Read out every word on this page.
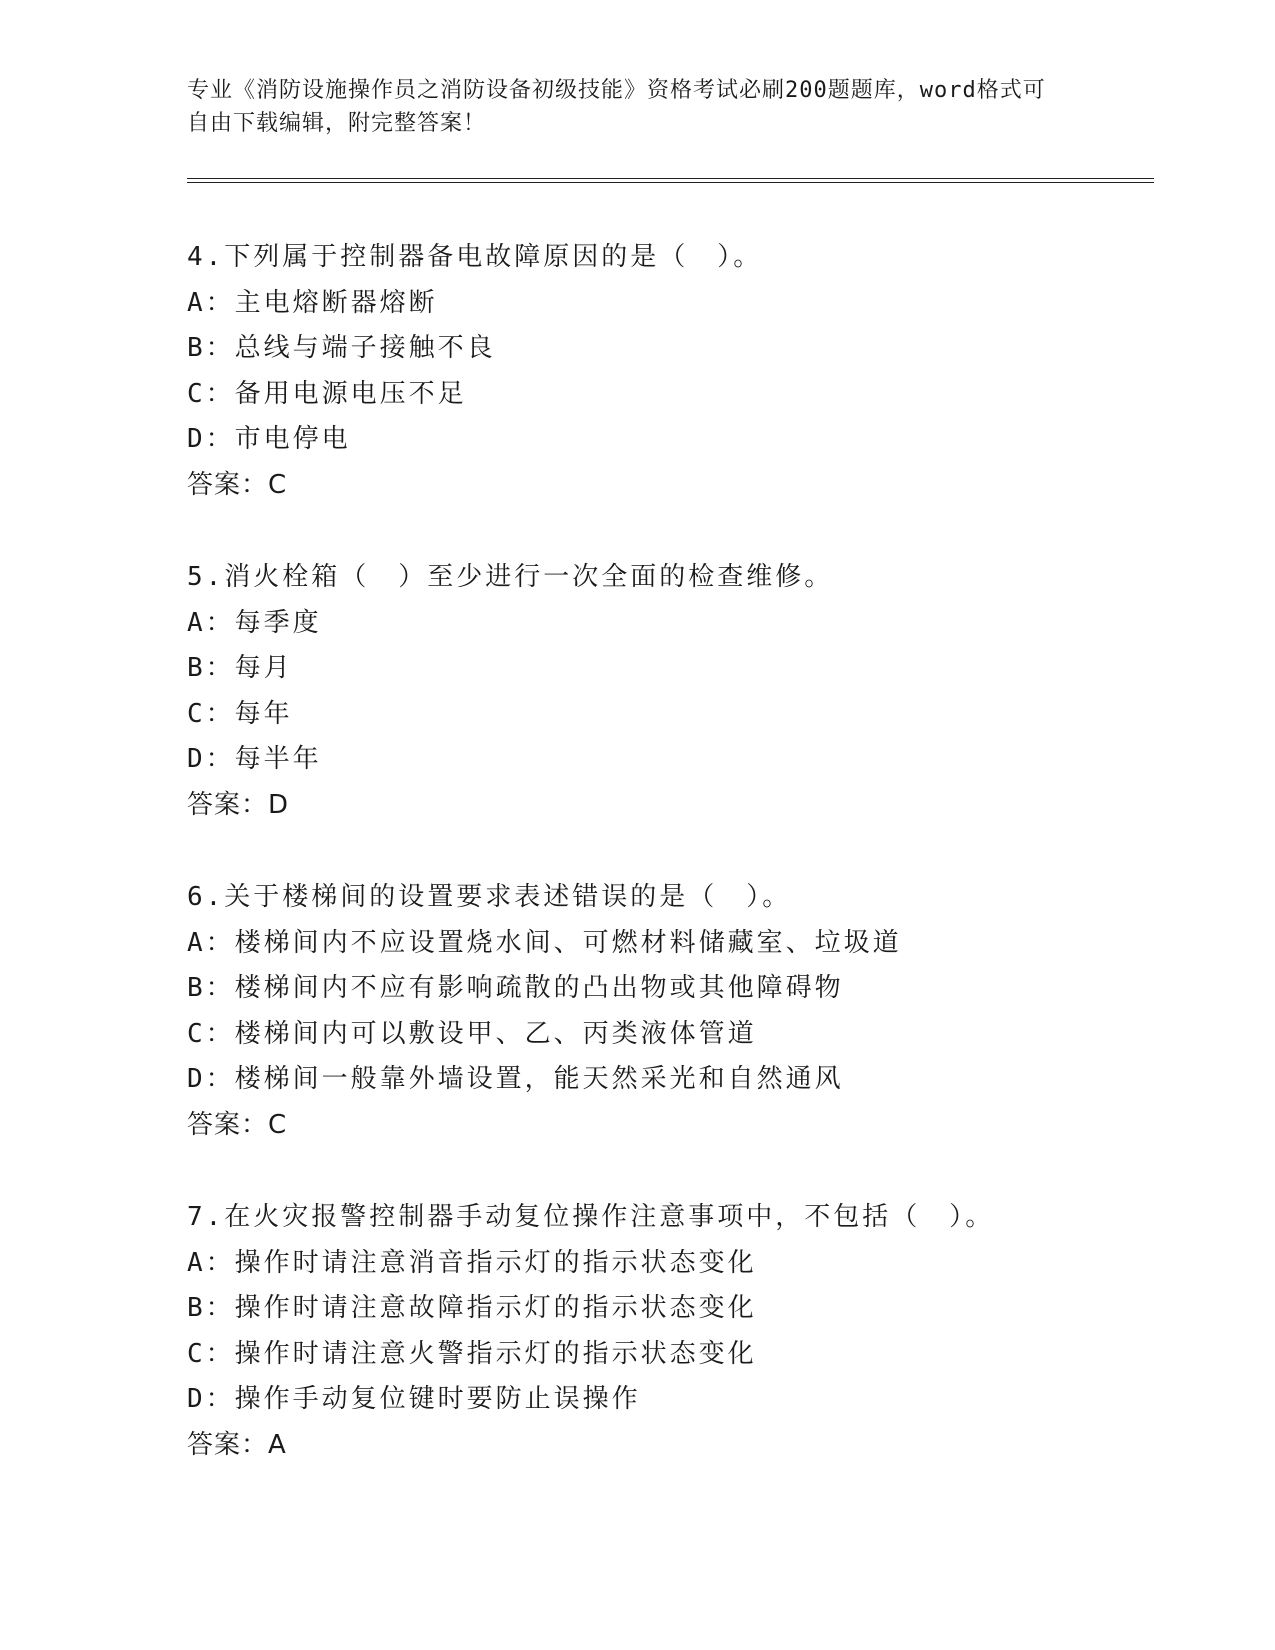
专业《消防设施操作员之消防设备初级技能》资格考试必刷200题题库，word格式可自由下载编辑，附完整答案！
4.下列属于控制器备电故障原因的是（　）。
A：主电熔断器熔断
B：总线与端子接触不良
C：备用电源电压不足
D：市电停电
答案：C
5.消火栓箱（　）至少进行一次全面的检查维修。
A：每季度
B：每月
C：每年
D：每半年
答案：D
6.关于楼梯间的设置要求表述错误的是（　）。
A：楼梯间内不应设置烧水间、可燃材料储藏室、垃圾道
B：楼梯间内不应有影响疏散的凸出物或其他障碍物
C：楼梯间内可以敷设甲、乙、丙类液体管道
D：楼梯间一般靠外墙设置，能天然采光和自然通风
答案：C
7.在火灾报警控制器手动复位操作注意事项中，不包括（　）。
A：操作时请注意消音指示灯的指示状态变化
B：操作时请注意故障指示灯的指示状态变化
C：操作时请注意火警指示灯的指示状态变化
D：操作手动复位键时要防止误操作
答案：A
